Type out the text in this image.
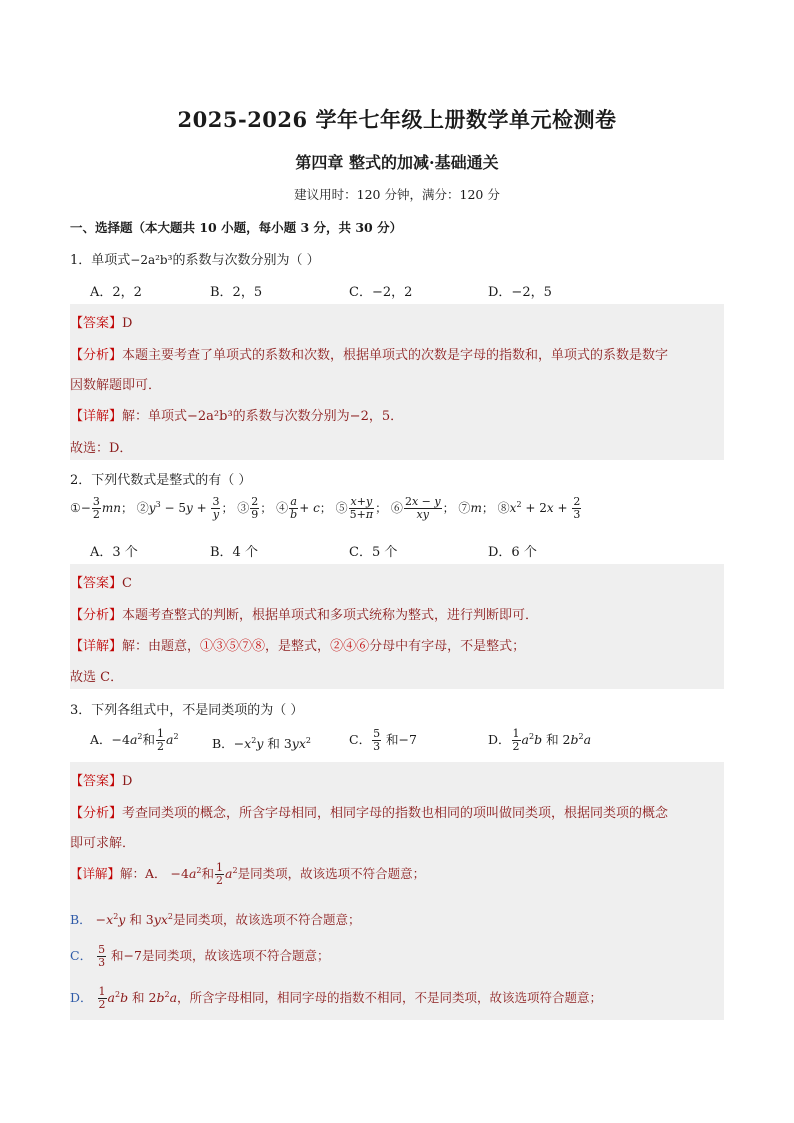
2025-2026 学年七年级上册数学单元检测卷
第四章 整式的加减·基础通关
建议用时：120 分钟，满分：120 分
一、选择题（本大题共 10 小题，每小题 3 分，共 30 分）
1．单项式−2a²b³的系数与次数分别为（ ）
A．2，2	B．2，5	C．−2，2	D．−2，5
【答案】D
【分析】本题主要考查了单项式的系数和次数，根据单项式的次数是字母的指数和，单项式的系数是数字
因数解题即可．
【详解】解：单项式−2a²b³的系数与次数分别为−2，5．
故选：D．
2．下列代数式是整式的有（ ）
①− $\frac{3}{2}$ mn； $②y^3 - 5y + \frac{3}{y}$ ； ③ $\frac{2}{9}$ ； ④ $\frac{a}{b} + c$； ⑤ $\frac{x+y}{5+\pi}$ ； ⑥ $\frac{2x - y}{xy}$ ； ⑦m； $⑧x^2 + 2x + \frac{2}{3}$
A．3 个	B．4 个	C．5 个	D．6 个
【答案】C
【分析】本题考查整式的判断，根据单项式和多项式统称为整式，进行判断即可．
【详解】解：由题意，①③⑤⑦⑧，是整式，②④⑥分母中有字母，不是整式；
故选 C．
3．下列各组式中，不是同类项的为（ ）
A．$-4a^2$和 $\frac{1}{2} a^2$	B．$-x^2y$ 和 $3yx^2$	C． $\frac{5}{3}$ 和−7	D． $\frac{1}{2} a^2b$ 和 $2b^2a$
【答案】D
【分析】考查同类项的概念，所含字母相同，相同字母的指数也相同的项叫做同类项，根据同类项的概念
即可求解．
【详解】解：A． $-4a^2$和 $\frac{1}{2} a^2$是同类项，故该选项不符合题意；
B． $-x^2y$ 和 $3yx^2$是同类项，故该选项不符合题意；
C． $\frac{5}{3}$ 和−7是同类项，故该选项不符合题意；
D． $\frac{1}{2} a^2b$ 和 $2b^2a$，所含字母相同，相同字母的指数不相同，不是同类项，故该选项符合题意；
